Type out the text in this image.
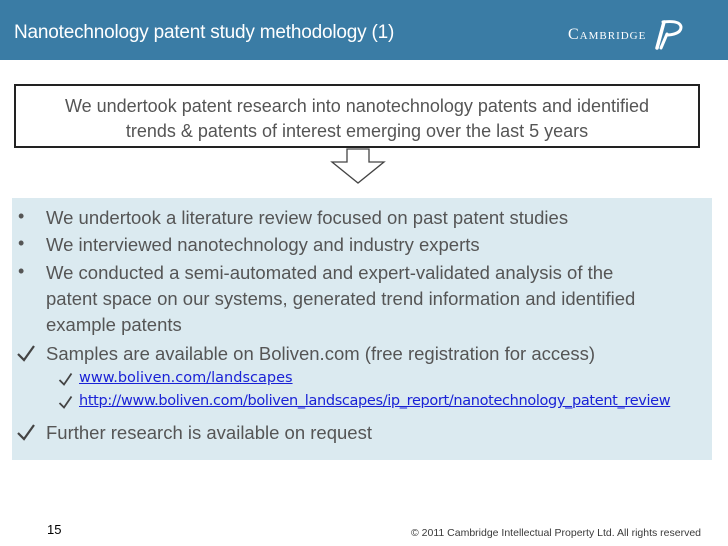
Nanotechnology patent study methodology (1)	Cambridge
We undertook patent research into nanotechnology patents and identified
trends & patents of interest emerging over the last 5 years
• We undertook a literature review focused on past patent studies
• We interviewed nanotechnology and industry experts
• We conducted a semi-automated and expert-validated analysis of the
patent space on our systems, generated trend information and identified
example patents
Samples are available on Boliven.com (free registration for access)
www.boliven.com/landscapes
http://www.boliven.com/boliven_landscapes/ip_report/nanotechnology_patent_review
Further research is available on request
15	© 2011 Cambridge Intellectual Property Ltd. All rights reserved
